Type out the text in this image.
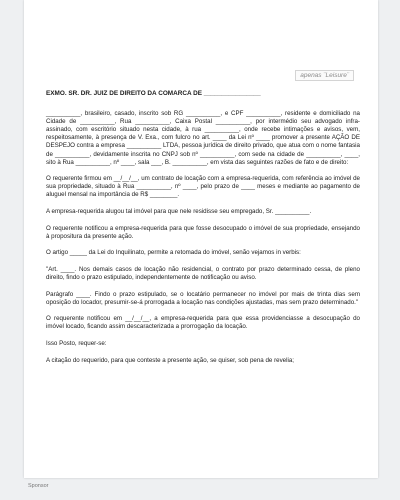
apenas ¨Leisure¨

EXMO. SR. DR. JUIZ DE DIREITO DA COMARCA DE ________________

__________, brasileiro, casado, inscrito sob RG __________, e CPF __________, residente e domiciliado na Cidade de __________, Rua __________, Caixa Postal __________, por intermédio seu advogado infra-assinado, com escritório situado nesta cidade, à rua __________, onde recebe intimações e avisos, vem, respeitosamente, à presença de V. Exa., com fulcro no art. ____ da Lei nº ____ promover a presente AÇÃO DE DESPEJO contra a empresa __________ LTDA, pessoa jurídica de direito privado, que atua com o nome fantasia de __________, devidamente inscrita no CNPJ sob nº __________, com sede na cidade de __________, ____, sito à Rua __________, nº ____, sala ___, B. __________, em vista das seguintes razões de fato e de direito:

O requerente firmou em __/__/__, um contrato de locação com a empresa-requerida, com referência ao imóvel de sua propriedade, situado à Rua __________, nº ____, pelo prazo de ____ meses e mediante ao pagamento de aluguel mensal na importância de R$ ________.

A empresa-requerida alugou tal imóvel para que nele residisse seu empregado, Sr. __________.

O requerente notificou a empresa-requerida para que fosse desocupado o imóvel de sua propriedade, ensejando à propositura da presente ação.

O artigo _____ da Lei do Inquilinato, permite a retomada do imóvel, senão vejamos in verbis:

"Art. ____. Nos demais casos de locação não residencial, o contrato por prazo determinado cessa, de pleno direito, findo o prazo estipulado, independentemente de notificação ou aviso.

Parágrafo ____. Findo o prazo estipulado, se o locatário permanecer no imóvel por mais de trinta dias sem oposição do locador, presumir-se-á prorrogada a locação nas condições ajustadas, mas sem prazo determinado."

O requerente notificou em __/__/__, a empresa-requerida para que essa providenciasse a desocupação do imóvel locado, ficando assim descaracterizada a prorrogação da locação.

Isso Posto, requer-se:

A citação do requerido, para que conteste a presente ação, se quiser, sob pena de revelia;

Sponsor
